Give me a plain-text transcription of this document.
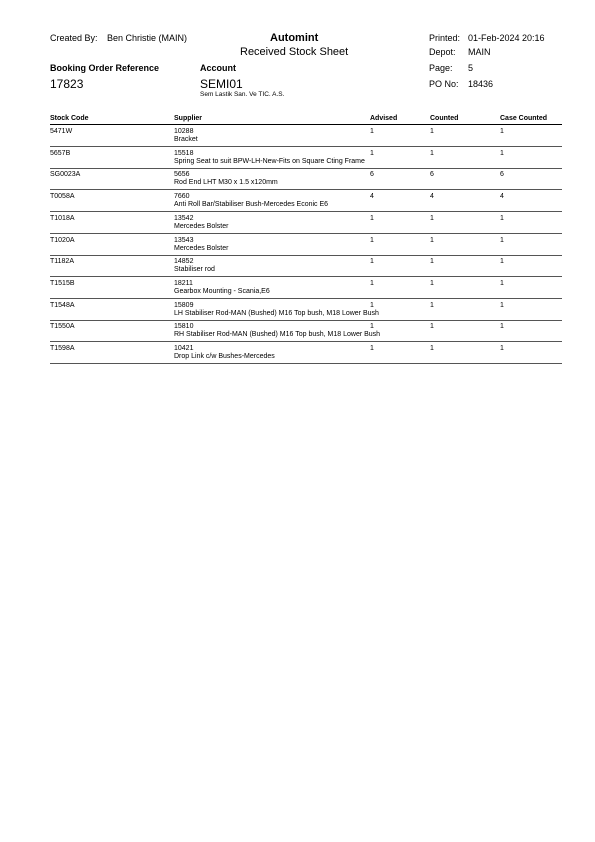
Created By: Ben Christie (MAIN)	Automint
Received Stock Sheet
Printed: 01-Feb-2024 20:16
Depot: MAIN
Booking Order Reference	Account	Page: 5
17823	SEMI01	PO No: 18436
Sem Lastik San. Ve TIC. A.S.
Stock Code	Supplier	Advised	Counted	Case Counted
5471W	10288
Bracket
1	1	1
5657B	15518
Spring Seat to suit BPW-LH-New-Fits on Square Cting Frame
1	1	1
SG0023A	5656
Rod End LHT M30 x 1.5 x120mm
6	6	6
T0058A	7660
Anti Roll Bar/Stabiliser Bush-Mercedes Econic E6
4	4	4
T1018A	13542
Mercedes Bolster
1	1	1
T1020A	13543
Mercedes Bolster
1	1	1
T1182A	14852
Stabiliser rod
1	1	1
T1515B	18211
Gearbox Mounting - Scania,E6
1	1	1
T1548A	15809
LH Stabiliser Rod-MAN (Bushed) M16 Top bush, M18 Lower Bush
1	1	1
T1550A	15810
RH Stabiliser Rod-MAN (Bushed) M16 Top bush, M18 Lower Bush
1	1	1
T1598A	10421
Drop Link c/w Bushes-Mercedes
1	1	1
